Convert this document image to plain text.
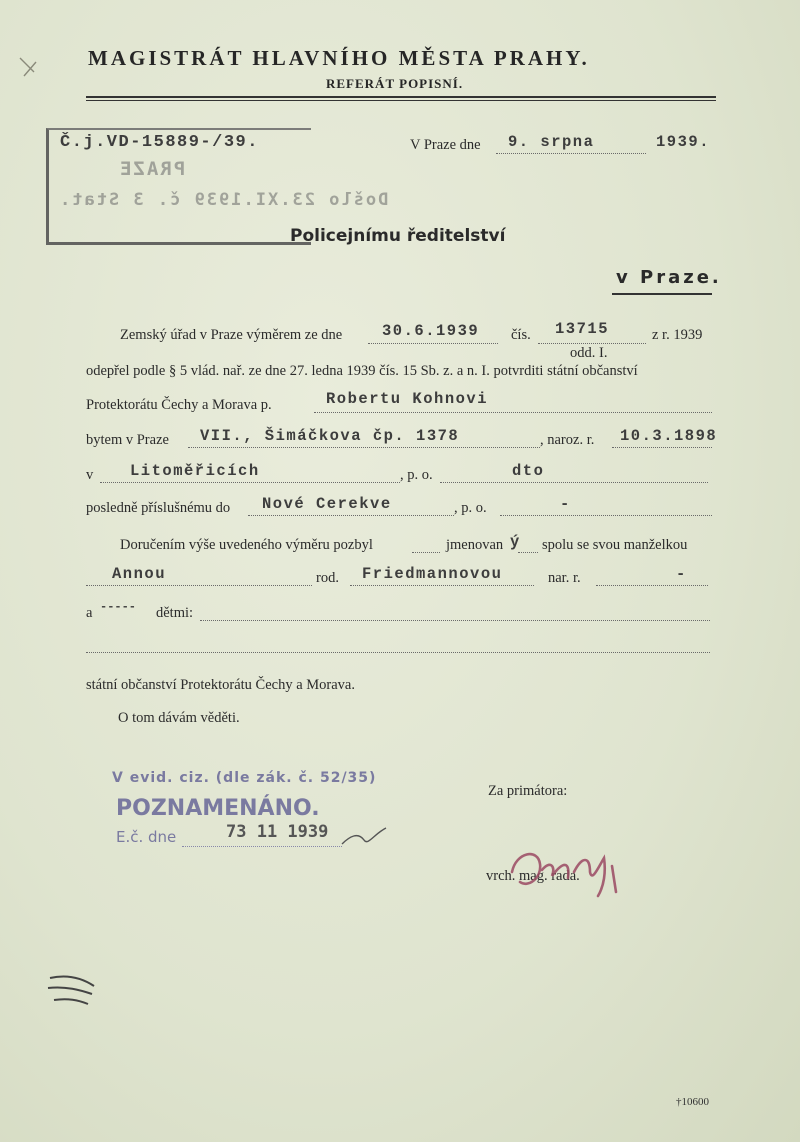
MAGISTRÁT HLAVNÍHO MĚSTA PRAHY.
REFERÁT POPISNÍ.
Č.j.VD-15889-/39.
PRAZE
Došlo 23.XI.1939 č. 3 Stat.
V Praze dne 9. srpna	1939.
Policejnímu ředitelství
v Praze.
Zemský úřad v Praze výměrem ze dne	30.6.1939 čís. 13715	z r. 1939
odd. I.
odepřel podle § 5 vlád. nař. ze dne 27. ledna 1939 čís. 15 Sb. z. a n. I. potvrditi státní občanství
Protektorátu Čechy a Morava p.	Robertu Kohnovi
bytem v Praze VII., Šimáčkova čp. 1378	, naroz. r. 10.3.1898
v Litoměřicích	, p. o.	dto
posledně příslušnému do Nové Cerekve	, p. o.	-
Doručením výše uvedeného výměru pozbyl	jmenovan ý spolu se svou manželkou
Annou	rod. Friedmannovou	nar. r.	-
a ----- dětmi:
státní občanství Protektorátu Čechy a Morava.
O tom dávám věděti.
V evid. ciz. (dle zák. č. 52/35)
POZNAMENÁNO.
E.č. dne	73 11 1939
Za primátora:
vrch. mag. rada.
†10600
